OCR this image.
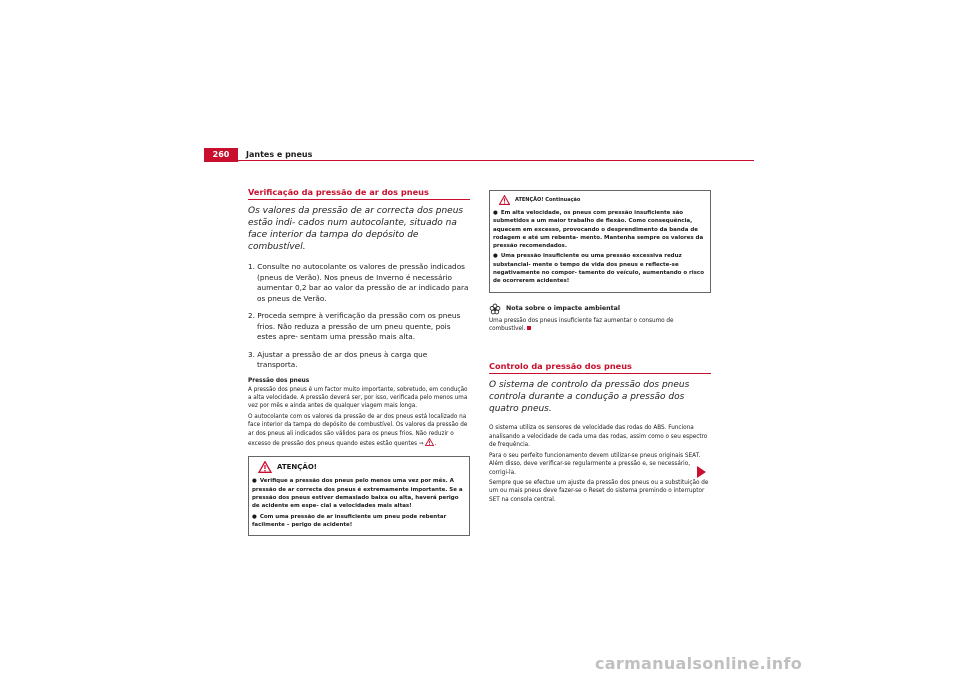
260	Jantes e pneus
Verificação da pressão de ar dos pneus
Os valores da pressão de ar correcta dos pneus estão indi- cados num autocolante, situado na face interior da tampa do depósito de combustível.
1. Consulte no autocolante os valores de pressão indicados (pneus de Verão). Nos pneus de Inverno é necessário aumentar 0,2 bar ao valor da pressão de ar indicado para os pneus de Verão.
2. Proceda sempre à verificação da pressão com os pneus frios. Não reduza a pressão de um pneu quente, pois estes apre- sentam uma pressão mais alta.
3. Ajustar a pressão de ar dos pneus à carga que transporta.
Pressão dos pneus

A pressão dos pneus é um factor muito importante, sobretudo, em condução a alta velocidade. A pressão deverá ser, por isso, verificada pelo menos uma vez por mês e ainda antes de qualquer viagem mais longa.

O autocolante com os valores da pressão de ar dos pneus está localizado na face interior da tampa do depósito de combustível. Os valores da pressão de ar dos pneus ali indicados são válidos para os pneus frios. Não reduzir o excesso de pressão dos pneus quando estes estão quentes ⇒ .

ATENÇÃO!
● Verifique a pressão dos pneus pelo menos uma vez por mês. A pressão de ar correcta dos pneus é extremamente importante. Se a pressão dos pneus estiver demasiado baixa ou alta, haverá perigo de acidente em espe- cial a velocidades mais altas!
● Com uma pressão de ar insuficiente um pneu pode rebentar facilmente – perigo de acidente!
ATENÇÃO! Continuação
● Em alta velocidade, os pneus com pressão insuficiente são submetidos a um maior trabalho de flexão. Como consequência, aquecem em excesso, provocando o desprendimento da banda de rodagem e até um rebenta- mento. Mantenha sempre os valores da pressão recomendados.
● Uma pressão insuficiente ou uma pressão excessiva reduz substancial- mente o tempo de vida dos pneus e reflecte-se negativamente no compor- tamento do veículo, aumentando o risco de ocorrerem acidentes!
Nota sobre o impacte ambiental

Uma pressão dos pneus insuficiente faz aumentar o consumo de combustível.

Controlo da pressão dos pneus
O sistema de controlo da pressão dos pneus controla durante a condução a pressão dos quatro pneus.

O sistema utiliza os sensores de velocidade das rodas do ABS. Funciona analisando a velocidade de cada uma das rodas, assim como o seu espectro de frequência.

Para o seu perfeito funcionamento devem utilizar-se pneus originais SEAT. Além disso, deve verificar-se regularmente a pressão e, se necessário, corrigi-la.

Sempre que se efectue um ajuste da pressão dos pneus ou a substituição de um ou mais pneus deve fazer-se o Reset do sistema premindo o interruptor SET na consola central.

carmanualsonline.info
